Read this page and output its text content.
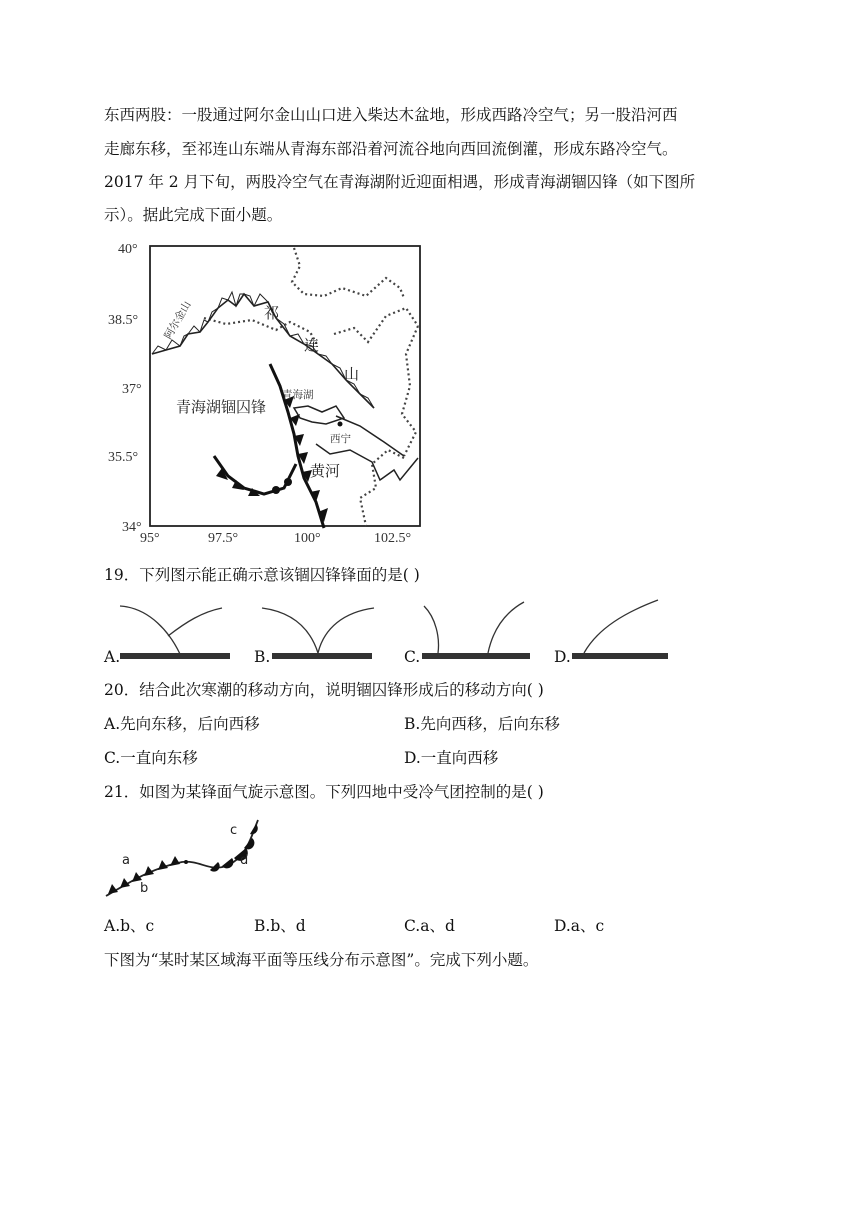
东西两股：一股通过阿尔金山山口进入柴达木盆地，形成西路冷空气；另一股沿河西

走廊东移，至祁连山东端从青海东部沿着河流谷地向西回流倒灌，形成东路冷空气。

2017 年 2 月下旬，两股冷空气在青海湖附近迎面相遇，形成青海湖锢囚锋（如下图所

示）。据此完成下面小题。

40°
38.5°
37°
35.5°
34°
95°	97.5°	100°	102.5°
阿尔金山	祁
连
山
青海湖
青海湖锢囚锋
西宁
黄河

19．下列图示能正确示意该锢囚锋锋面的是( )

A.	B.	C.	D.

20．结合此次寒潮的移动方向，说明锢囚锋形成后的移动方向( )

A.先向东移，后向西移	B.先向西移，后向东移
C.一直向东移	D.一直向西移

21．如图为某锋面气旋示意图。下列四地中受冷气团控制的是( )

a
b
c
d
A.b、c	B.b、d	C.a、d	D.a、c

下图为“某时某区域海平面等压线分布示意图”。完成下列小题。
